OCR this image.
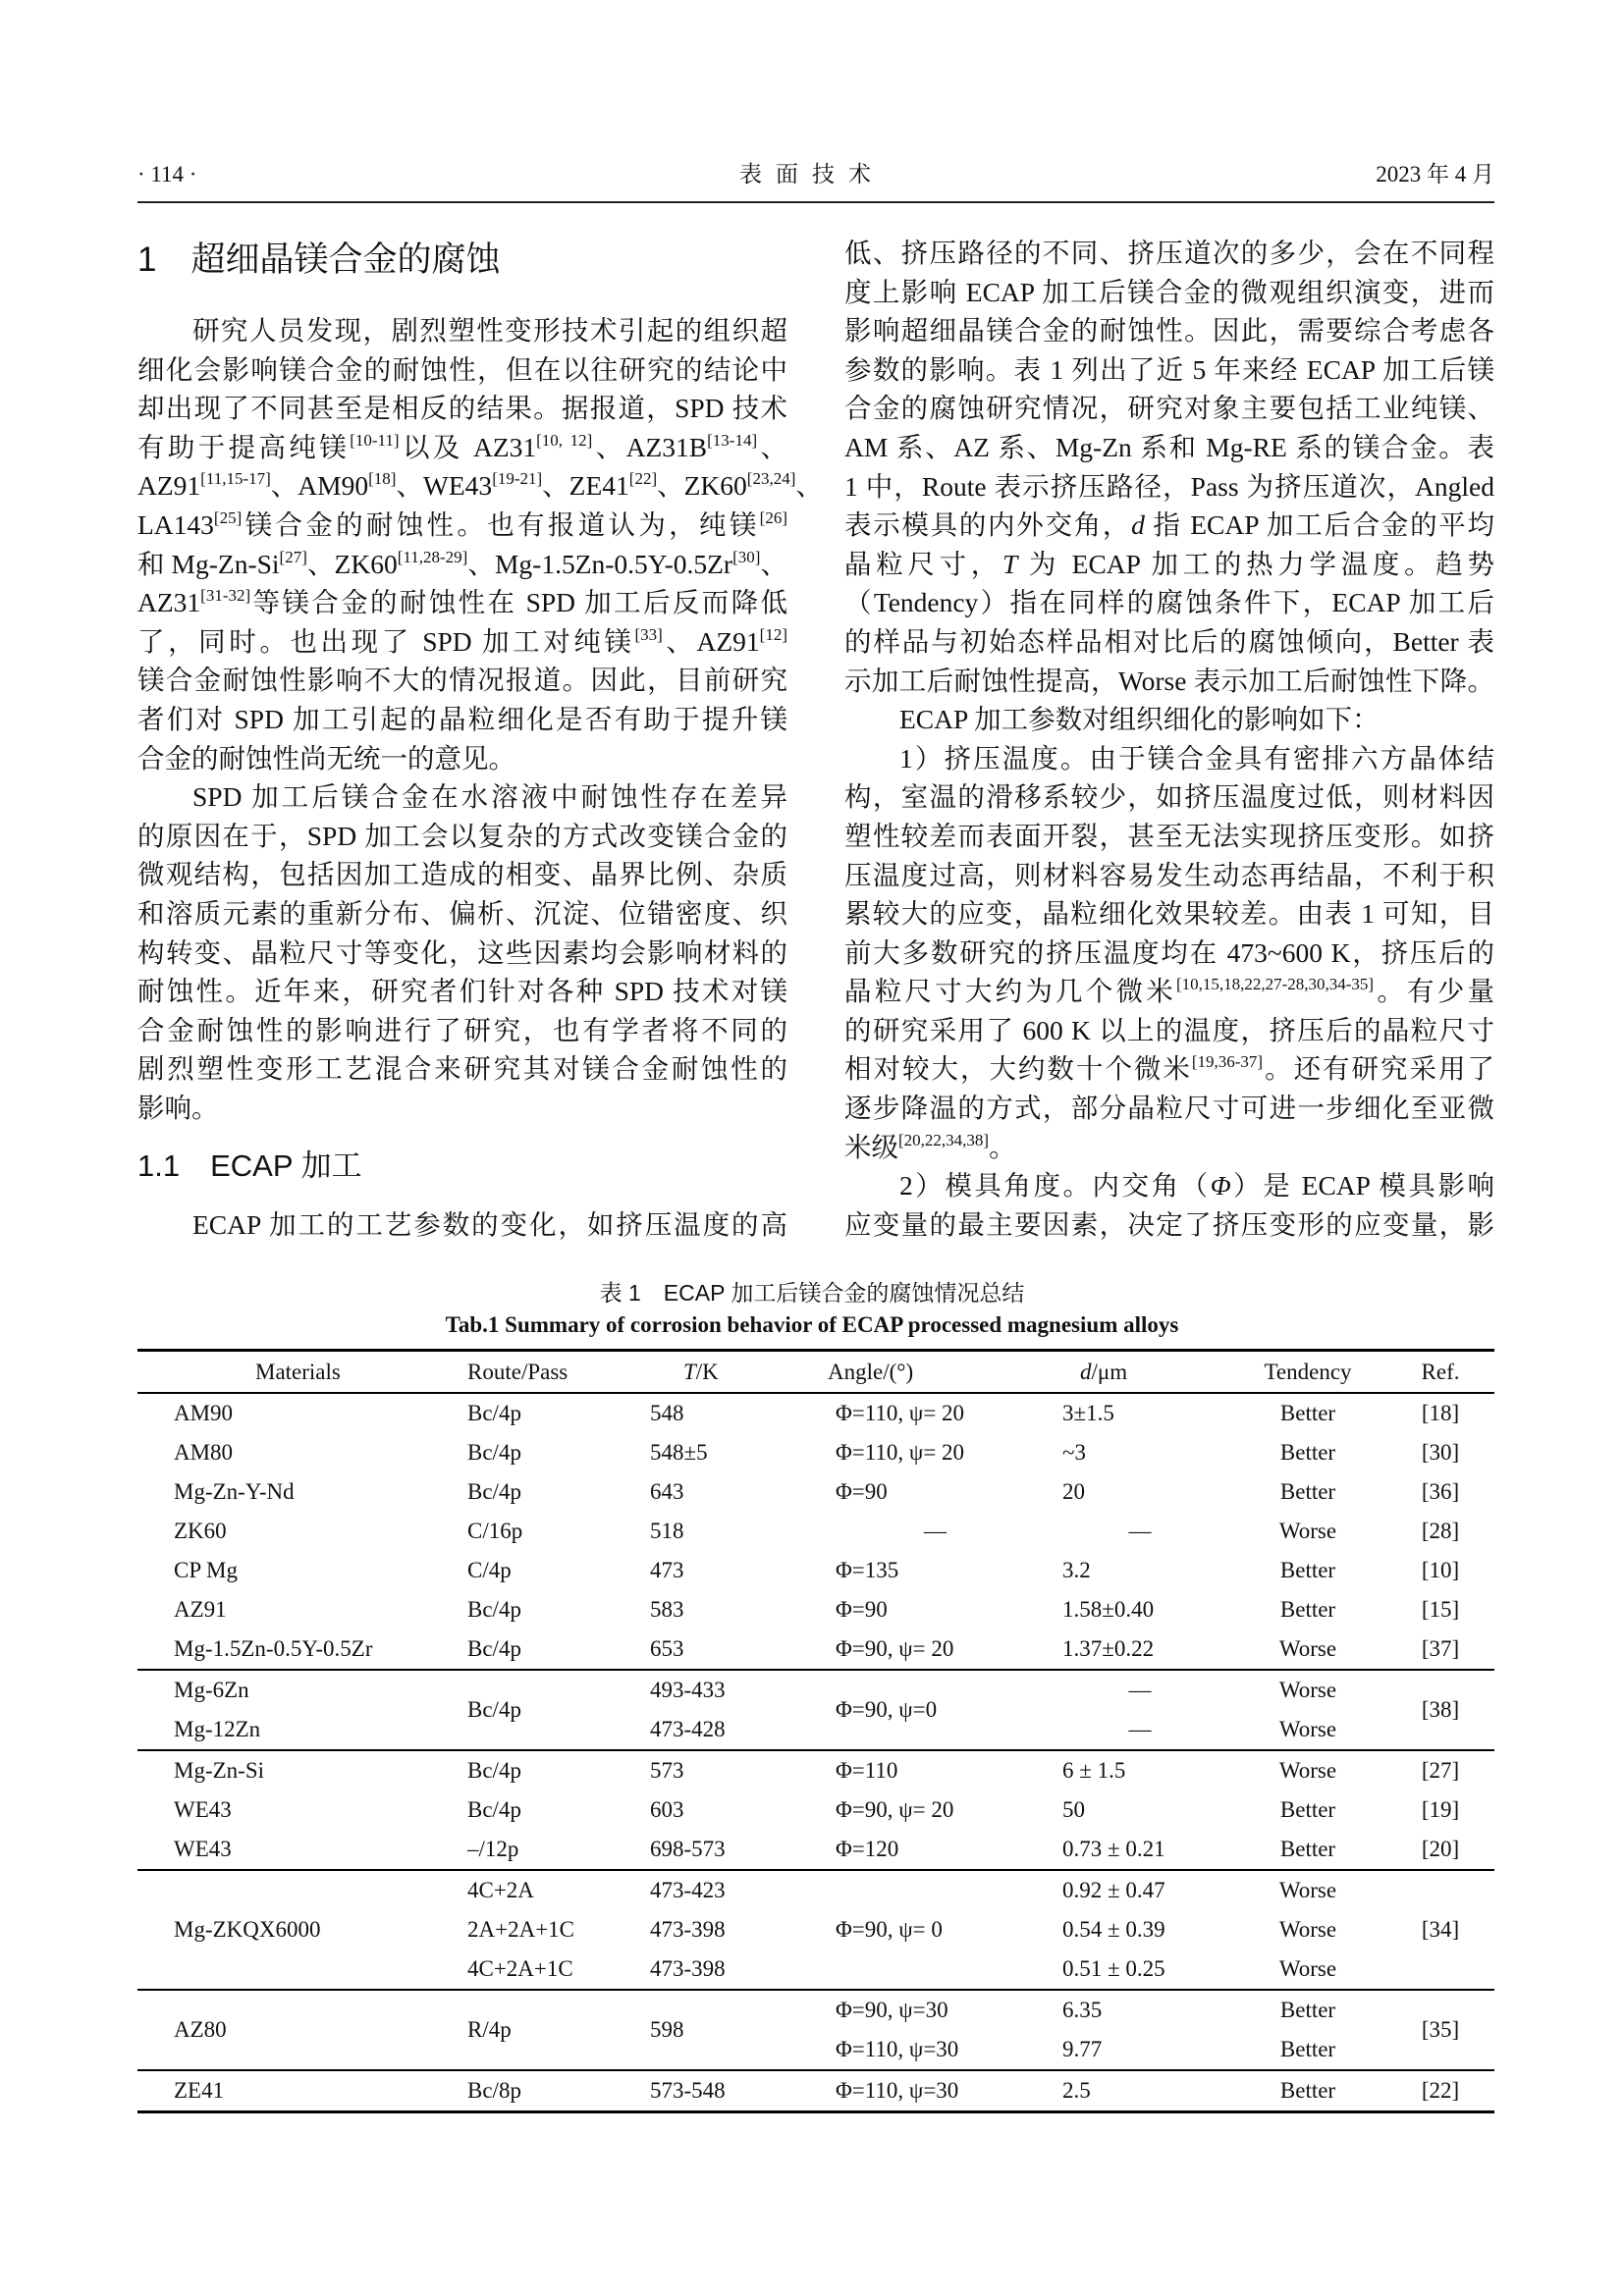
· 114 ·	表面技术	2023 年 4 月
1　超细晶镁合金的腐蚀
研究人员发现，剧烈塑性变形技术引起的组织超
细化会影响镁合金的耐蚀性，但在以往研究的结论中
却出现了不同甚至是相反的结果。据报道，SPD 技术
有助于提高纯镁[10-11]以及 AZ31[10, 12]、AZ31B[13-14]、
AZ91[11,15-17]、AM90[18]、WE43[19-21]、ZE41[22]、ZK60[23,24]、
LA143[25]镁合金的耐蚀性。也有报道认为，纯镁[26]
和 Mg-Zn-Si[27]、ZK60[11,28-29]、Mg-1.5Zn-0.5Y-0.5Zr[30]、
AZ31[31-32]等镁合金的耐蚀性在 SPD 加工后反而降低
了，同时。也出现了 SPD 加工对纯镁[33]、AZ91[12]
镁合金耐蚀性影响不大的情况报道。因此，目前研究
者们对 SPD 加工引起的晶粒细化是否有助于提升镁
合金的耐蚀性尚无统一的意见。
SPD 加工后镁合金在水溶液中耐蚀性存在差异
的原因在于，SPD 加工会以复杂的方式改变镁合金的
微观结构，包括因加工造成的相变、晶界比例、杂质
和溶质元素的重新分布、偏析、沉淀、位错密度、织
构转变、晶粒尺寸等变化，这些因素均会影响材料的
耐蚀性。近年来，研究者们针对各种 SPD 技术对镁
合金耐蚀性的影响进行了研究，也有学者将不同的
剧烈塑性变形工艺混合来研究其对镁合金耐蚀性的
影响。
1.1　ECAP 加工
ECAP 加工的工艺参数的变化，如挤压温度的高
低、挤压路径的不同、挤压道次的多少，会在不同程
度上影响 ECAP 加工后镁合金的微观组织演变，进而
影响超细晶镁合金的耐蚀性。因此，需要综合考虑各
参数的影响。表 1 列出了近 5 年来经 ECAP 加工后镁
合金的腐蚀研究情况，研究对象主要包括工业纯镁、
AM 系、AZ 系、Mg-Zn 系和 Mg-RE 系的镁合金。表
1 中，Route 表示挤压路径，Pass 为挤压道次，Angled
表示模具的内外交角，d 指 ECAP 加工后合金的平均
晶粒尺寸，T 为 ECAP 加工的热力学温度。趋势
（Tendency）指在同样的腐蚀条件下，ECAP 加工后
的样品与初始态样品相对比后的腐蚀倾向，Better 表
示加工后耐蚀性提高，Worse 表示加工后耐蚀性下降。
ECAP 加工参数对组织细化的影响如下：
1）挤压温度。由于镁合金具有密排六方晶体结
构，室温的滑移系较少，如挤压温度过低，则材料因
塑性较差而表面开裂，甚至无法实现挤压变形。如挤
压温度过高，则材料容易发生动态再结晶，不利于积
累较大的应变，晶粒细化效果较差。由表 1 可知，目
前大多数研究的挤压温度均在 473~600 K，挤压后的
晶粒尺寸大约为几个微米[10,15,18,22,27-28,30,34-35]。有少量
的研究采用了 600 K 以上的温度，挤压后的晶粒尺寸
相对较大，大约数十个微米[19,36-37]。还有研究采用了
逐步降温的方式，部分晶粒尺寸可进一步细化至亚微
米级[20,22,34,38]。
2）模具角度。内交角（Φ）是 ECAP 模具影响
应变量的最主要因素，决定了挤压变形的应变量，影
表 1　ECAP 加工后镁合金的腐蚀情况总结
Tab.1 Summary of corrosion behavior of ECAP processed magnesium alloys
Materials	Route/Pass	T/K	Angle/(°)	d/μm	Tendency	Ref.
AM90	Bc/4p	548	Φ=110, ψ= 20	3±1.5	Better	[18]
AM80	Bc/4p	548±5	Φ=110, ψ= 20	~3	Better	[30]
Mg-Zn-Y-Nd	Bc/4p	643	Φ=90	20	Better	[36]
ZK60	C/16p	518	—	—	Worse	[28]
CP Mg	C/4p	473	Φ=135	3.2	Better	[10]
AZ91	Bc/4p	583	Φ=90	1.58±0.40	Better	[15]
Mg-1.5Zn-0.5Y-0.5Zr	Bc/4p	653	Φ=90, ψ= 20	1.37±0.22	Worse	[37]
Mg-6Zn	Bc/4p	493-433	Φ=90, ψ=0	—	Worse	[38]
Mg-12Zn		473-428		—	Worse	
Mg-Zn-Si	Bc/4p	573	Φ=110	6 ± 1.5	Worse	[27]
WE43	Bc/4p	603	Φ=90, ψ= 20	50	Better	[19]
WE43	–/12p	698-573	Φ=120	0.73 ± 0.21	Better	[20]
Mg-ZKQX6000	4C+2A	473-423	Φ=90, ψ= 0	0.92 ± 0.47	Worse	[34]
	2A+2A+1C	473-398		0.54 ± 0.39	Worse	
	4C+2A+1C	473-398		0.51 ± 0.25	Worse	
AZ80	R/4p	598	Φ=90, ψ=30	6.35	Better	[35]
			Φ=110, ψ=30	9.77	Better	
ZE41	Bc/8p	573-548	Φ=110, ψ=30	2.5	Better	[22]
